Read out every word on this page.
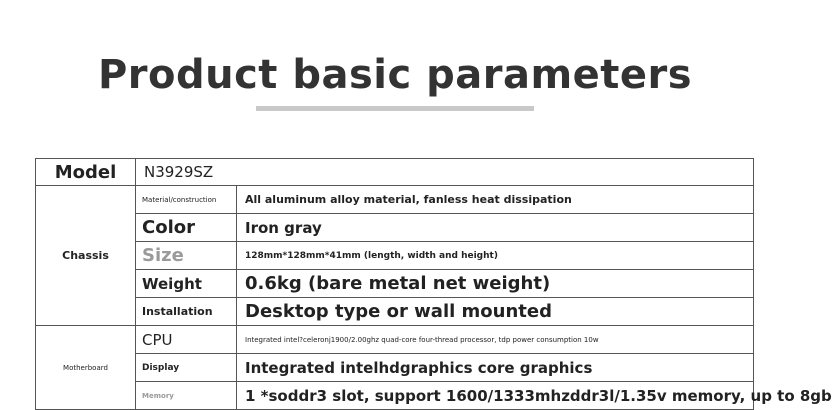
Product basic parameters
Model	N3929SZ	
Chassis	Material/construction	All aluminum alloy material, fanless heat dissipation
	Color	Iron gray
	Size	128mm*128mm*41mm (length, width and height)
	Weight	0.6kg (bare metal net weight)
	Installation	Desktop type or wall mounted
Motherboard	CPU	Integrated intel?celeronj1900/2.00ghz quad-core four-thread processor, tdp power consumption 10w
	Display	Integrated intelhdgraphics core graphics
	Memory	1 *soddr3 slot, support 1600/1333mhzddr3l/1.35v memory, up to 8gb
